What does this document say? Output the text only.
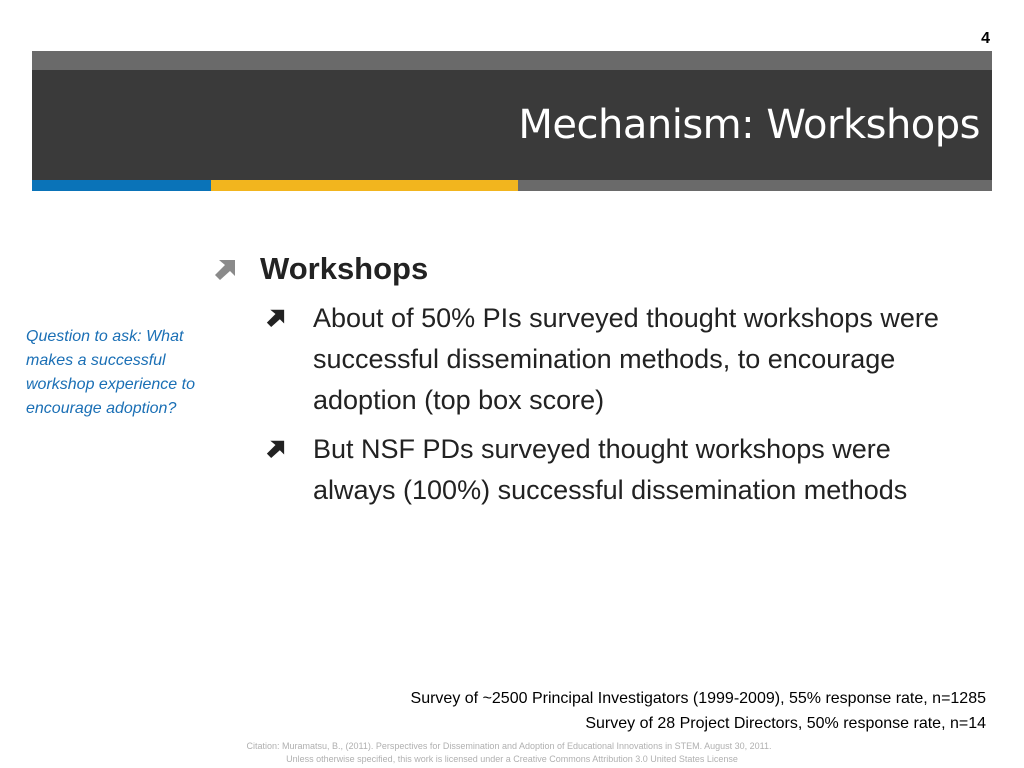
4
Mechanism: Workshops
Question to ask: What makes a successful workshop experience to encourage adoption?
Workshops
About of 50% PIs surveyed thought workshops were successful dissemination methods, to encourage adoption (top box score)
But NSF PDs surveyed thought workshops were always (100%) successful dissemination methods
Survey of ~2500 Principal Investigators (1999-2009), 55% response rate, n=1285
Survey of 28 Project Directors, 50% response rate, n=14
Citation: Muramatsu, B., (2011). Perspectives for Dissemination and Adoption of Educational Innovations in STEM. August 30, 2011.
Unless otherwise specified, this work is licensed under a Creative Commons Attribution 3.0 United States License
